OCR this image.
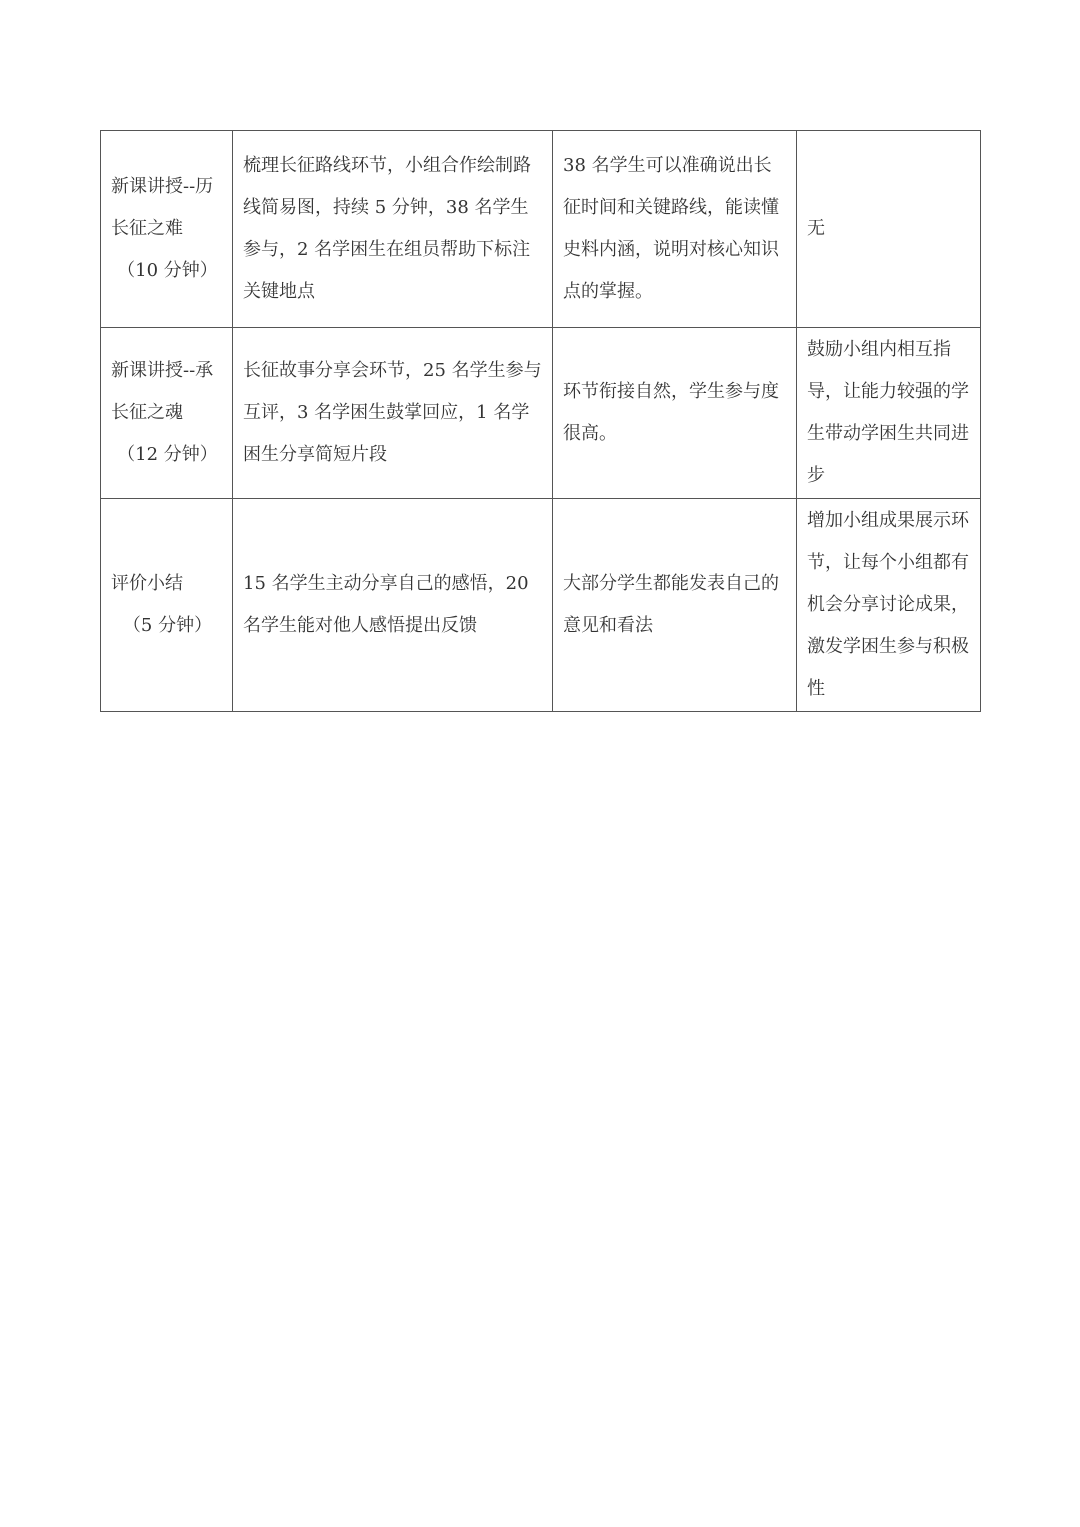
新课讲授--历长征之难
（10 分钟）	梳理长征路线环节，小组合作绘制路线简易图，持续 5 分钟，38 名学生参与，2 名学困生在组员帮助下标注关键地点	38 名学生可以准确说出长征时间和关键路线，能读懂史料内涵，说明对核心知识点的掌握。	无

新课讲授--承长征之魂
（12 分钟）	长征故事分享会环节，25 名学生参与互评，3 名学困生鼓掌回应，1 名学困生分享简短片段	环节衔接自然，学生参与度很高。	鼓励小组内相互指导，让能力较强的学生带动学困生共同进步

评价小结
（5 分钟）	15 名学生主动分享自己的感悟，20 名学生能对他人感悟提出反馈	大部分学生都能发表自己的意见和看法	增加小组成果展示环节，让每个小组都有机会分享讨论成果，激发学困生参与积极性
